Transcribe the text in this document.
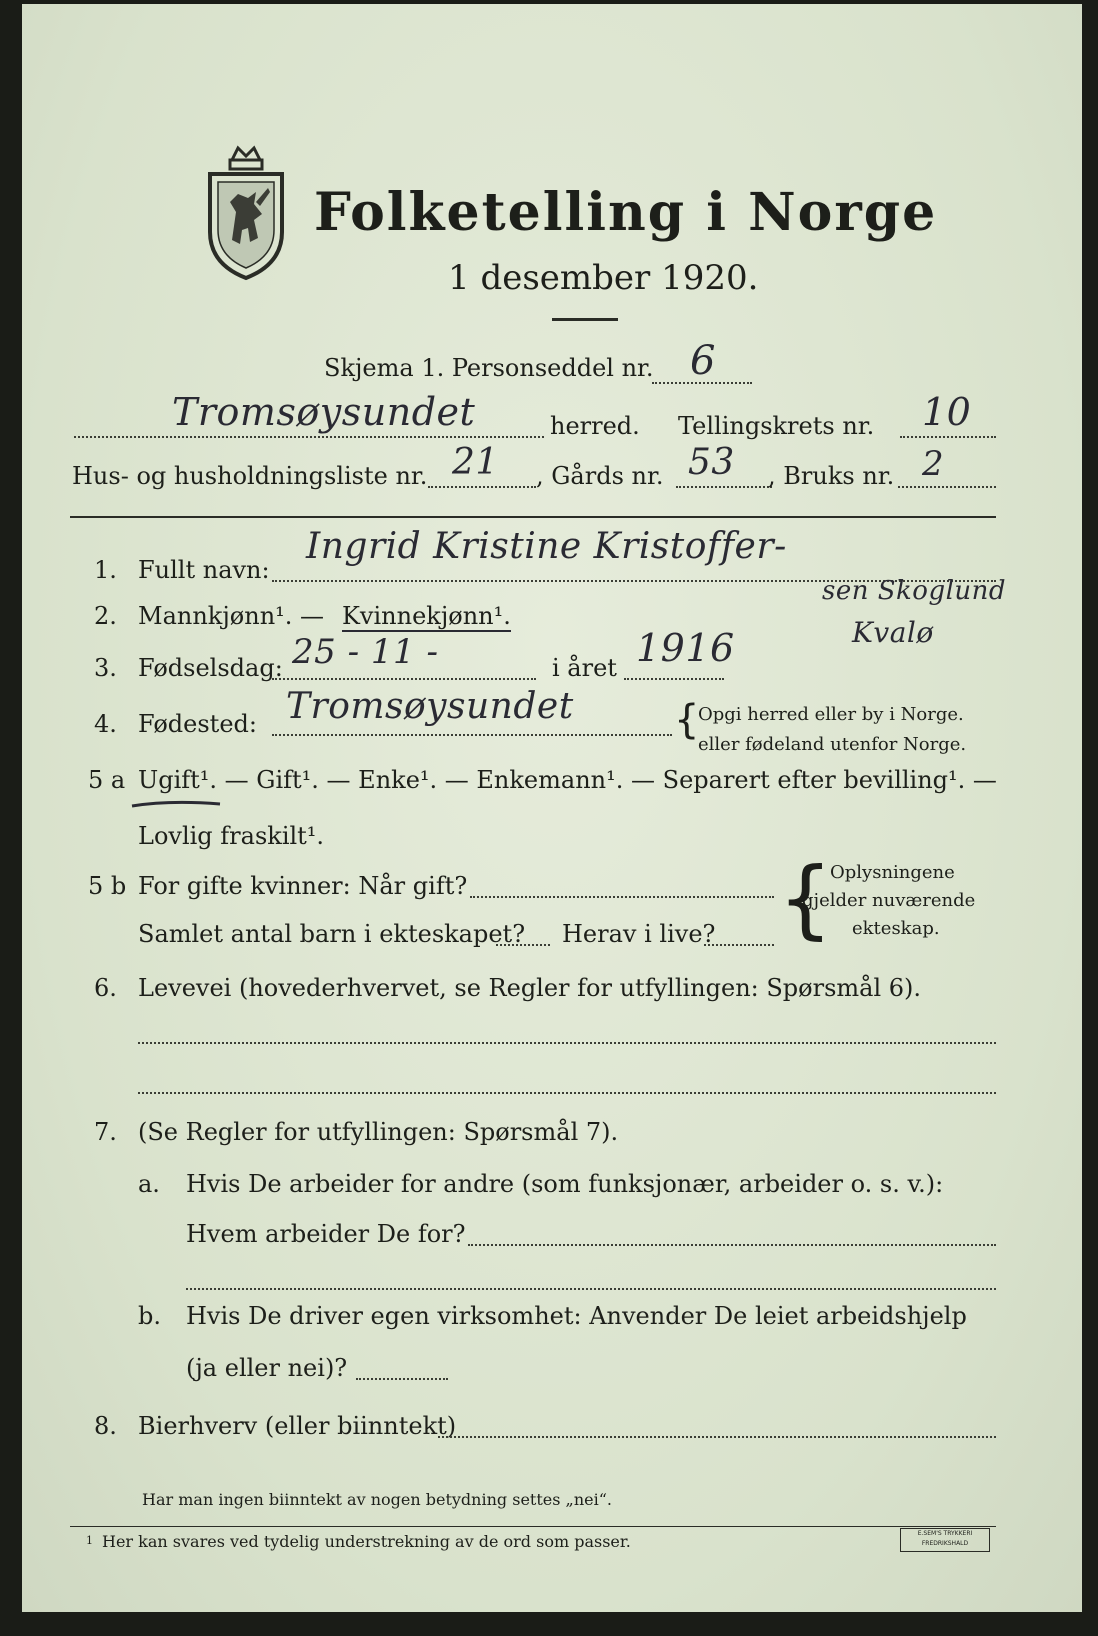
Folketelling i Norge
1 desember 1920.
Skjema 1. Personseddel nr. 6
Tromsøysundet	herred. Tellingskrets nr. 10
Hus- og husholdningsliste nr. 21 , Gårds nr. 53 , Bruks nr. 2
1. Fullt navn:
Ingrid Kristine Kristoffer-
sen Skoglund
Kvalø
2. Mannkjønn¹. — Kvinnekjønn¹.
3. Fødselsdag: 25 - 11 -	i året 1916
4. Fødested: Tromsøysundet	{
Opgi herred eller by i Norge.
eller fødeland utenfor Norge.
5 a Ugift¹. — Gift¹. — Enke¹. — Enkemann¹. — Separert efter bevilling¹. —
Lovlig fraskilt¹.
5 b For gifte kvinner: Når gift?
Samlet antal barn i ekteskapet? Herav i live? {
Oplysningene
gjelder nuværende
ekteskap.
6. Levevei (hovederhvervet, se Regler for utfyllingen: Spørsmål 6).
7. (Se Regler for utfyllingen: Spørsmål 7).
a. Hvis De arbeider for andre (som funksjonær, arbeider o. s. v.):
Hvem arbeider De for?
b. Hvis De driver egen virksomhet: Anvender De leiet arbeidshjelp
(ja eller nei)?
8. Bierhverv (eller biinntekt)
Har man ingen biinntekt av nogen betydning settes „nei“.
1 Her kan svares ved tydelig understrekning av de ord som passer.	E.SEM'S TRYKKERI FREDRIKSHALD
